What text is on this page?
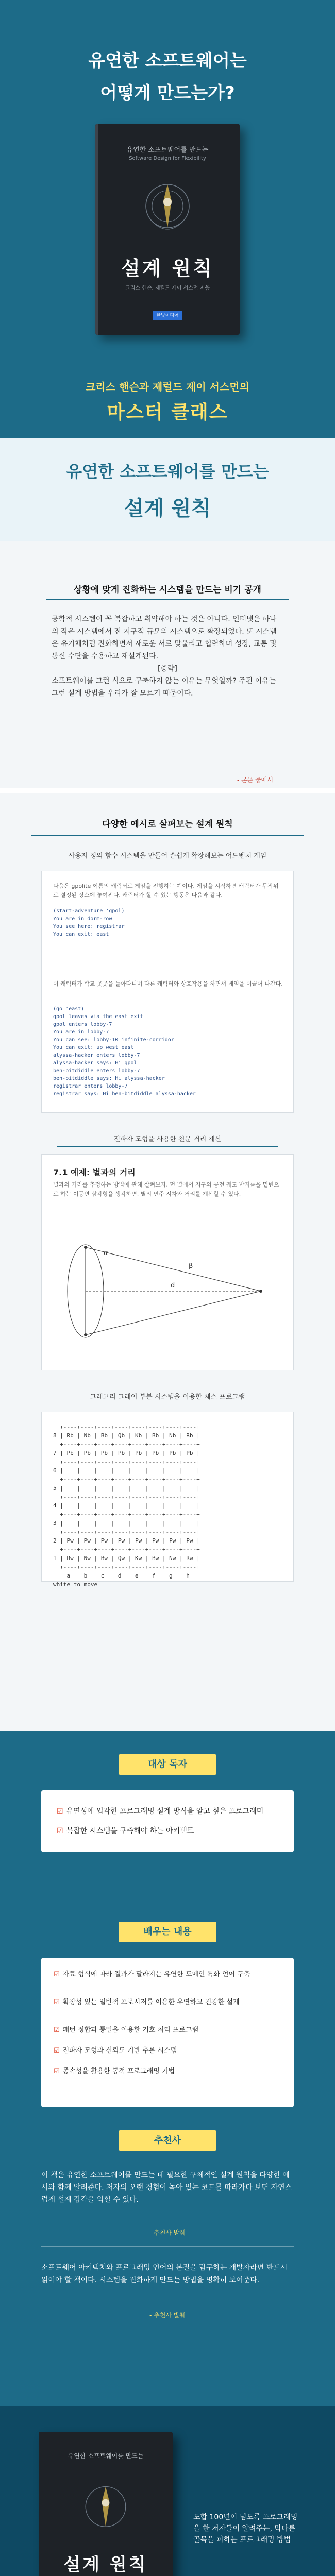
유연한 소프트웨어는
어떻게 만드는가?
유연한 소프트웨어를 만드는
Software Design for Flexibility
설계 원칙
크리스 핸슨, 제럴드 제이 서스먼 지음
한빛미디어
크리스 핸슨과 제럴드 제이 서스먼의
마스터 클래스
유연한 소프트웨어를 만드는
설계 원칙
상황에 맞게 진화하는 시스템을 만드는 비기 공개

공학적 시스템이 꼭 복잡하고 취약해야 하는 것은 아니다. 인터넷은 하나의 작은 시스템에서 전 지구적 규모의 시스템으로 확장되었다. 또 시스템은 유기체처럼 진화하면서 새로운 서로 맞물리고 협력하며 성장, 교통 및 통신 수단을 수용하고 재설계된다.

[중략]

소프트웨어를 그런 식으로 구축하지 않는 이유는 무엇일까? 주된 이유는 그런 설계 방법을 우리가 잘 모르기 때문이다.

- 본문 중에서
다양한 예시로 살펴보는 설계 원칙
사용자 정의 함수 시스템을 만들어 손쉽게 확장해보는 어드벤처 게임
다음은 gpolite 이름의 캐릭터로 게임을 진행하는 예이다. 게임을 시작하면 캐릭터가 무작위로 결정된 장소에 놓여진다. 캐릭터가 할 수 있는 행동은 다음과 같다.
(start-adventure 'gpol)
You are in dorm-row
You see here: registrar
You can exit: east
이 캐릭터가 학교 곳곳을 돌아다니며 다른 캐릭터와 상호작용을 하면서 게임을 이끌어 나간다.
(go 'east)
gpol leaves via the east exit
gpol enters lobby-7
You are in lobby-7
You can see: lobby-10 infinite-corridor
You can exit: up west east
alyssa-hacker enters lobby-7
alyssa-hacker says: Hi gpol
ben-bitdiddle enters lobby-7
ben-bitdiddle says: Hi alyssa-hacker
registrar enters lobby-7
registrar says: Hi ben-bitdiddle alyssa-hacker
전파자 모형을 사용한 천문 거리 계산
7.1 예제: 별과의 거리
별과의 거리를 추정하는 방법에 관해 살펴보자. 먼 별에서 지구의 공전 궤도 반지름을 밑변으로 하는 이등변 삼각형을 생각하면, 별의 연주 시차와 거리를 계산할 수 있다.
α
β
d
그레고리 그레이 부분 시스템을 이용한 체스 프로그램
+----+----+----+----+----+----+----+----+
8 | Rb | Nb | Bb | Qb | Kb | Bb | Nb | Rb |
+----+----+----+----+----+----+----+----+
7 | Pb | Pb | Pb | Pb | Pb | Pb | Pb | Pb |
+----+----+----+----+----+----+----+----+
6 |    |    |    |    |    |    |    |    |
+----+----+----+----+----+----+----+----+
5 |    |    |    |    |    |    |    |    |
+----+----+----+----+----+----+----+----+
4 |    |    |    |    |    |    |    |    |
+----+----+----+----+----+----+----+----+
3 |    |    |    |    |    |    |    |    |
+----+----+----+----+----+----+----+----+
2 | Pw | Pw | Pw | Pw | Pw | Pw | Pw | Pw |
+----+----+----+----+----+----+----+----+
1 | Rw | Nw | Bw | Qw | Kw | Bw | Nw | Rw |
+----+----+----+----+----+----+----+----+
a    b    c    d    e    f    g    h
white to move
대상 독자
☑ 유연성에 입각한 프로그래밍 설계 방식을 알고 싶은 프로그래머
☑ 복잡한 시스템을 구축해야 하는 아키텍트
배우는 내용
☑ 자료 형식에 따라 결과가 달라지는 유연한 도메인 특화 언어 구축
☑ 확장성 있는 일반적 프로시저를 이용한 유연하고 건강한 설계
☑ 패턴 정합과 통일을 이용한 기호 처리 프로그램
☑ 전파자 모형과 신뢰도 기반 추론 시스템
☑ 종속성을 활용한 동적 프로그래밍 기법
추천사
이 책은 유연한 소프트웨어를 만드는 데 필요한 구체적인 설계 원칙을 다양한 예시와 함께 알려준다. 저자의 오랜 경험이 녹아 있는 코드를 따라가다 보면 자연스럽게 설계 감각을 익힐 수 있다.
- 추천사 발췌
소프트웨어 아키텍처와 프로그래밍 언어의 본질을 탐구하는 개발자라면 반드시 읽어야 할 책이다. 시스템을 진화하게 만드는 방법을 명확히 보여준다.
- 추천사 발췌
유연한 소프트웨어를 만드는
설계 원칙
도합 100년이 넘도록 프로그래밍을 한 저자들이 알려주는, 막다른 골목을 피하는 프로그래밍 방법
